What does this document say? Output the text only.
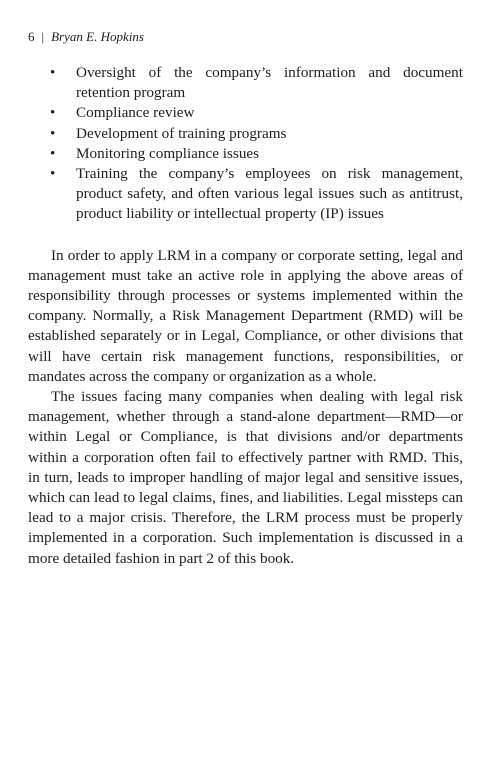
6 | Bryan E. Hopkins
• Oversight of the company’s information and document retention program
• Compliance review
• Development of training programs
• Monitoring compliance issues
• Training the company’s employees on risk management, product safety, and often various legal issues such as antitrust, product liability or intellectual property (IP) issues

In order to apply LRM in a company or corporate setting, legal and management must take an active role in applying the above areas of responsibility through processes or systems implemented within the company. Normally, a Risk Management Department (RMD) will be established separately or in Legal, Compliance, or other divisions that will have certain risk management functions, responsibilities, or mandates across the company or organization as a whole.

The issues facing many companies when dealing with legal risk management, whether through a stand-alone department—RMD—or within Legal or Compliance, is that divisions and/or departments within a corporation often fail to effectively partner with RMD. This, in turn, leads to improper handling of major legal and sensitive issues, which can lead to legal claims, fines, and liabilities. Legal missteps can lead to a major crisis. Therefore, the LRM process must be properly implemented in a corporation. Such implementation is discussed in a more detailed fashion in part 2 of this book.
